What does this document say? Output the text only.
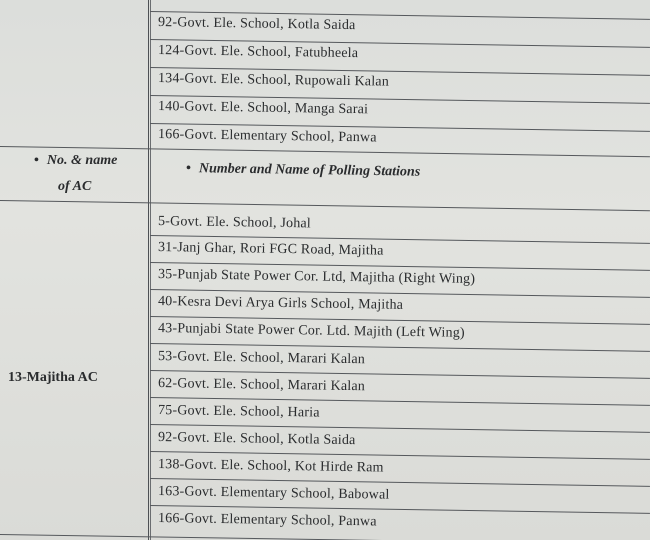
92-Govt. Ele. School, Kotla Saida
124-Govt. Ele. School, Fatubheela
134-Govt. Ele. School, Rupowali Kalan
140-Govt. Ele. School, Manga Sarai
166-Govt. Elementary School, Panwa
• No. & name
of AC
• Number and Name of Polling Stations
13-Majitha AC
5-Govt. Ele. School, Johal
31-Janj Ghar, Rori FGC Road, Majitha
35-Punjab State Power Cor. Ltd, Majitha (Right Wing)
40-Kesra Devi Arya Girls School, Majitha
43-Punjabi State Power Cor. Ltd. Majith (Left Wing)
53-Govt. Ele. School, Marari Kalan
62-Govt. Ele. School, Marari Kalan
75-Govt. Ele. School, Haria
92-Govt. Ele. School, Kotla Saida
138-Govt. Ele. School, Kot Hirde Ram
163-Govt. Elementary School, Babowal
166-Govt. Elementary School, Panwa
